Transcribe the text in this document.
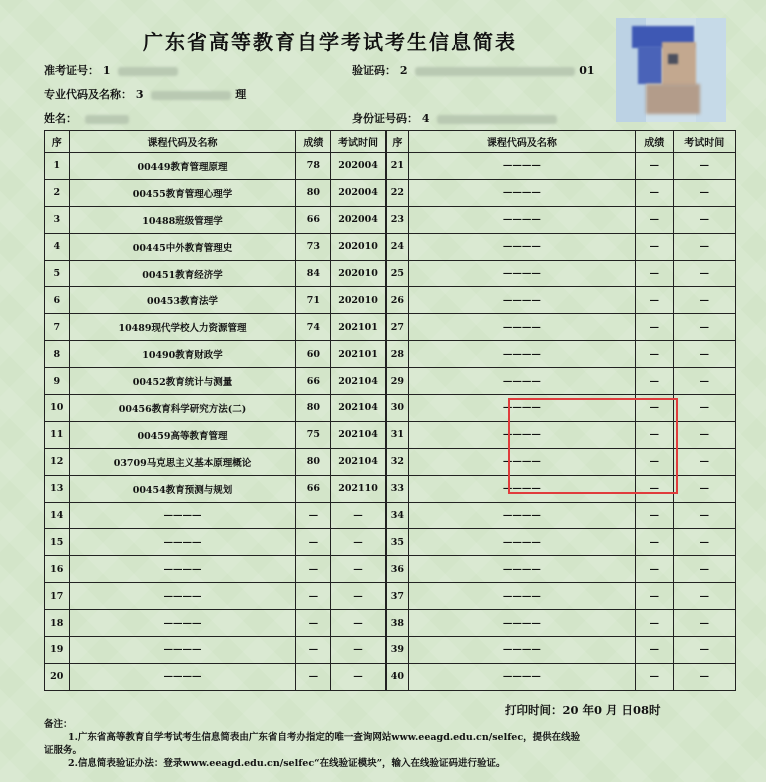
广东省高等教育自学考试考生信息简表
准考证号： 1	验证码： 2	01
专业代码及名称： 3	理
姓名：	身份证号码： 4
序	课程代码及名称	成绩	考试时间	序	课程代码及名称	成绩	考试时间
1	00449教育管理原理	78	202004	21	————	—	—
2	00455教育管理心理学	80	202004	22	————	—	—
3	10488班级管理学	66	202004	23	————	—	—
4	00445中外教育管理史	73	202010	24	————	—	—
5	00451教育经济学	84	202010	25	————	—	—
6	00453教育法学	71	202010	26	————	—	—
7	10489现代学校人力资源管理	74	202101	27	————	—	—
8	10490教育财政学	60	202101	28	————	—	—
9	00452教育统计与测量	66	202104	29	————	—	—
10	00456教育科学研究方法(二)	80	202104	30	————	—	—
11	00459高等教育管理	75	202104	31	————	—	—
12	03709马克思主义基本原理概论	80	202104	32	————	—	—
13	00454教育预测与规划	66	202110	33	————	—	—
14	————	—	—	34	————	—	—
15	————	—	—	35	————	—	—
16	————	—	—	36	————	—	—
17	————	—	—	37	————	—	—
18	————	—	—	38	————	—	—
19	————	—	—	39	————	—	—
20	————	—	—	40	————	—	—
打印时间：20 年0 月 日08时
备注：
1.广东省高等教育自学考试考生信息简表由广东省自考办指定的唯一查询网站www.eeagd.edu.cn/selfec，提供在线验
证服务。
2.信息简表验证办法：登录www.eeagd.edu.cn/selfec“在线验证模块”，输入在线验证码进行验证。
